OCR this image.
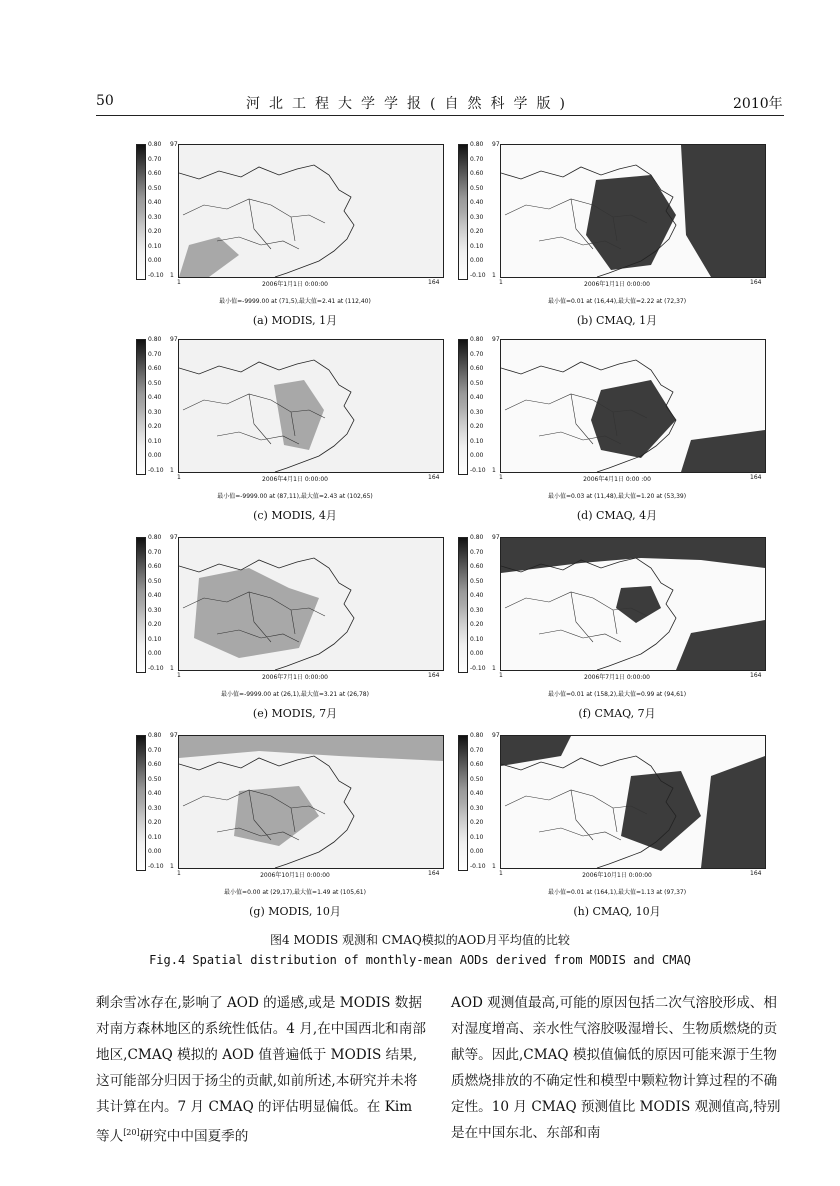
50	河北工程大学学报(自然科学版)	2010年
0.80
0.70
0.60
0.50
0.40
0.30
0.20
0.10
0.00
-0.10
97
1
1	164
2006年1月1日 0:00:00
最小值=-9999.00 at (71,5),最大值=2.41 at (112,40)
(a) MODIS, 1月
0.80
0.70
0.60
0.50
0.40
0.30
0.20
0.10
0.00
-0.10
97
1
1	164
2006年1月1日 0:00:00
最小值=0.01 at (16,44),最大值=2.22 at (72,37)
(b) CMAQ, 1月
0.80
0.70
0.60
0.50
0.40
0.30
0.20
0.10
0.00
-0.10
97
1
1	164
2006年4月1日 0:00:00
最小值=-9999.00 at (87,11),最大值=2.43 at (102,65)
(c) MODIS, 4月
0.80
0.70
0.60
0.50
0.40
0.30
0.20
0.10
0.00
-0.10
97
1
1	164
2006年4月1日 0:00 :00
最小值=0.03 at (11,48),最大值=1.20 at (53,39)
(d) CMAQ, 4月
0.80
0.70
0.60
0.50
0.40
0.30
0.20
0.10
0.00
-0.10
97
1
1	164
2006年7月1日 0:00:00
最小值=-9999.00 at (26,1),最大值=3.21 at (26,78)
(e) MODIS, 7月
0.80
0.70
0.60
0.50
0.40
0.30
0.20
0.10
0.00
-0.10
97
1
1	164
2006年7月1日 0:00:00
最小值=0.01 at (158,2),最大值=0.99 at (94,61)
(f) CMAQ, 7月
0.80
0.70
0.60
0.50
0.40
0.30
0.20
0.10
0.00
-0.10
97
1
1	164
2006年10月1日 0:00:00
最小值=0.00 at (29,17),最大值=1.49 at (105,61)
(g) MODIS, 10月
0.80
0.70
0.60
0.50
0.40
0.30
0.20
0.10
0.00
-0.10
97
1
1	164
2006年10月1日 0:00:00
最小值=0.01 at (164,1),最大值=1.13 at (97,37)
(h) CMAQ, 10月
图4 MODIS 观测和 CMAQ模拟的AOD月平均值的比较
Fig.4 Spatial distribution of monthly-mean AODs derived from MODIS and CMAQ

剩余雪冰存在,影响了 AOD 的遥感,或是 MODIS 数据对南方森林地区的系统性低估。4 月,在中国西北和南部地区,CMAQ 模拟的 AOD 值普遍低于 MODIS 结果,这可能部分归因于扬尘的贡献,如前所述,本研究并未将其计算在内。7 月 CMAQ 的评估明显偏低。在 Kim 等人[20]研究中中国夏季的

AOD 观测值最高,可能的原因包括二次气溶胶形成、相对湿度增高、亲水性气溶胶吸湿增长、生物质燃烧的贡献等。因此,CMAQ 模拟值偏低的原因可能来源于生物质燃烧排放的不确定性和模型中颗粒物计算过程的不确定性。10 月 CMAQ 预测值比 MODIS 观测值高,特别是在中国东北、东部和南
